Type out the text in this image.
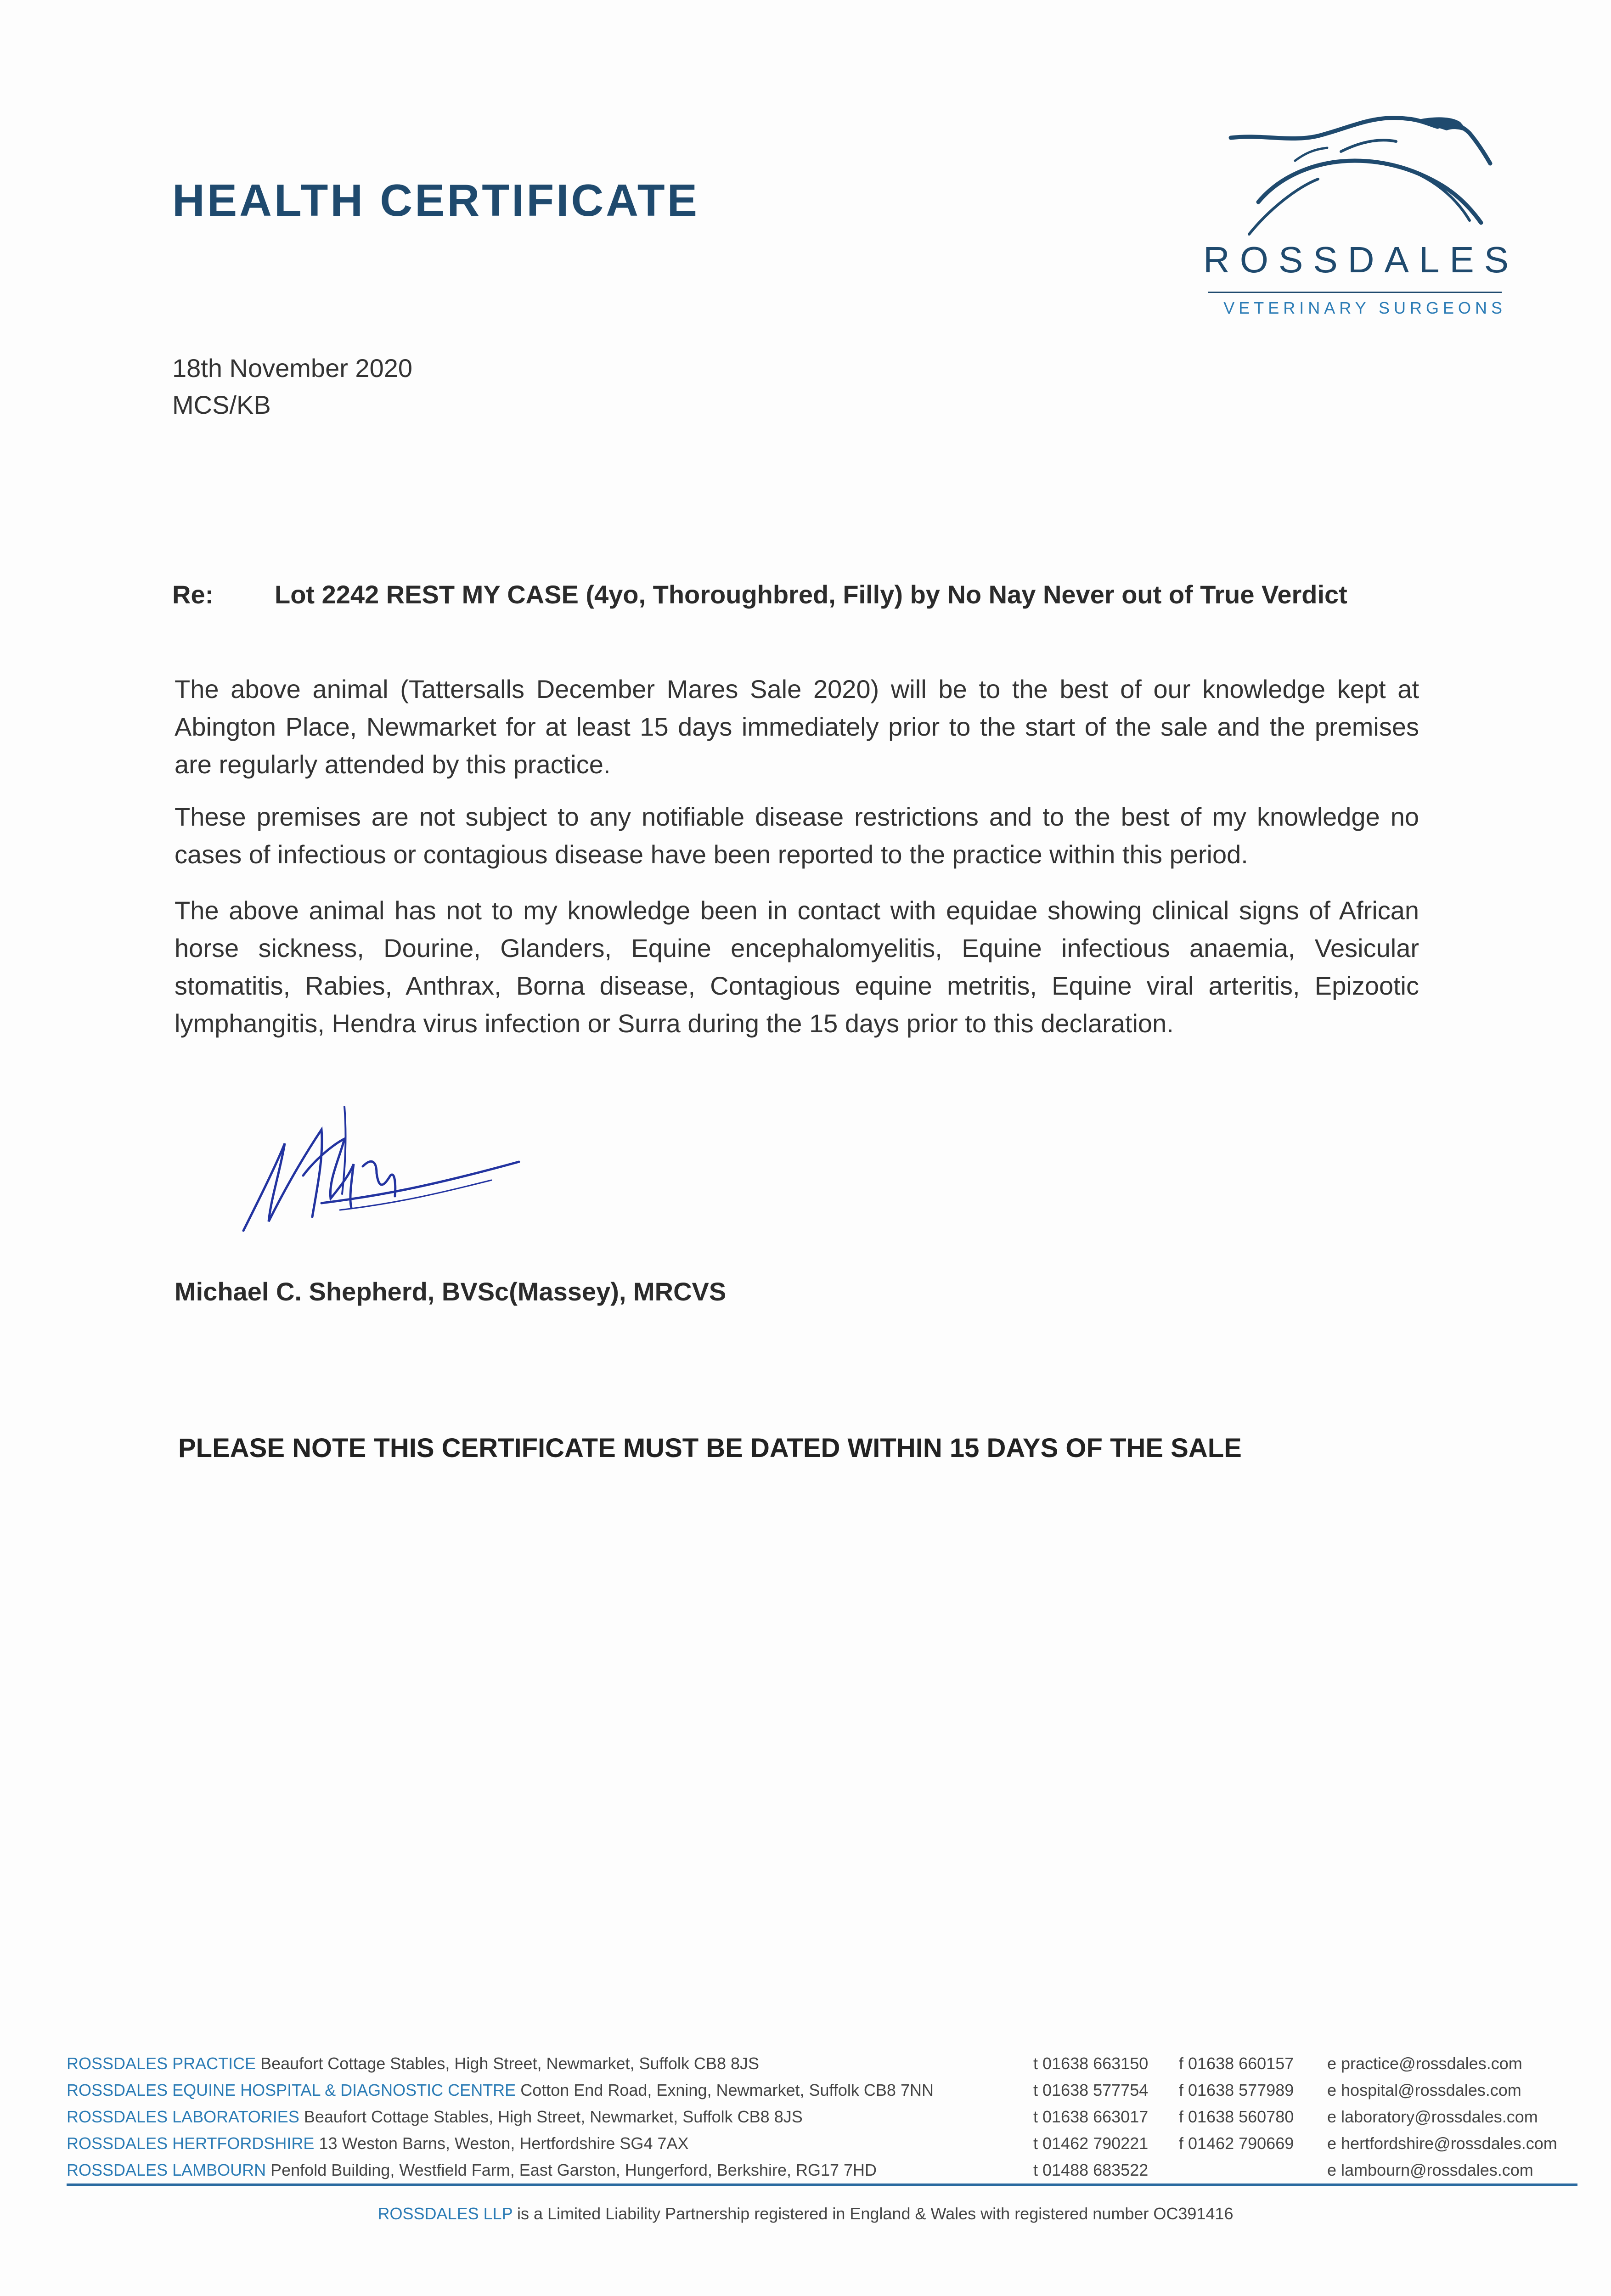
HEALTH CERTIFICATE
ROSSDALES
VETERINARY SURGEONS
18th November 2020
MCS/KB
Re: Lot 2242 REST MY CASE (4yo, Thoroughbred, Filly) by No Nay Never out of True Verdict

The above animal (Tattersalls December Mares Sale 2020) will be to the best of our knowledge kept at Abington Place, Newmarket for at least 15 days immediately prior to the start of the sale and the premises are regularly attended by this practice.

These premises are not subject to any notifiable disease restrictions and to the best of my knowledge no cases of infectious or contagious disease have been reported to the practice within this period.

The above animal has not to my knowledge been in contact with equidae showing clinical signs of African horse sickness, Dourine, Glanders, Equine encephalomyelitis, Equine infectious anaemia, Vesicular stomatitis, Rabies, Anthrax, Borna disease, Contagious equine metritis, Equine viral arteritis, Epizootic lymphangitis, Hendra virus infection or Surra during the 15 days prior to this declaration.

Michael C. Shepherd, BVSc(Massey), MRCVS
PLEASE NOTE THIS CERTIFICATE MUST BE DATED WITHIN 15 DAYS OF THE SALE
ROSSDALES PRACTICE Beaufort Cottage Stables, High Street, Newmarket, Suffolk CB8 8JS	t 01638 663150 f 01638 660157 e practice@rossdales.com
ROSSDALES EQUINE HOSPITAL & DIAGNOSTIC CENTRE Cotton End Road, Exning, Newmarket, Suffolk CB8 7NN	t 01638 577754 f 01638 577989 e hospital@rossdales.com
ROSSDALES LABORATORIES Beaufort Cottage Stables, High Street, Newmarket, Suffolk CB8 8JS	t 01638 663017 f 01638 560780 e laboratory@rossdales.com
ROSSDALES HERTFORDSHIRE 13 Weston Barns, Weston, Hertfordshire SG4 7AX	t 01462 790221 f 01462 790669 e hertfordshire@rossdales.com
ROSSDALES LAMBOURN Penfold Building, Westfield Farm, East Garston, Hungerford, Berkshire, RG17 7HD	t 01488 683522	e lambourn@rossdales.com
ROSSDALES LLP is a Limited Liability Partnership registered in England & Wales with registered number OC391416
